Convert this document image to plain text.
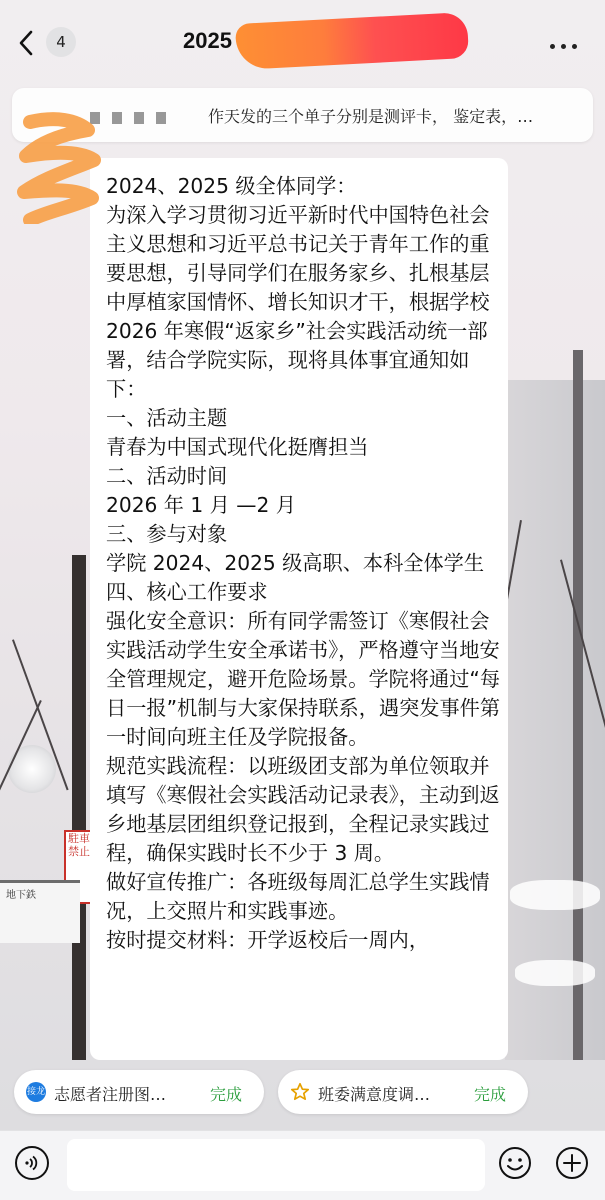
駐車禁止
地下鉄
4	2025
作天发的三个单子分别是测评卡， 鉴定表，…

2024、2025 级全体同学：

为深入学习贯彻习近平新时代中国特色社会主义思想和习近平总书记关于青年工作的重要思想，引导同学们在服务家乡、扎根基层中厚植家国情怀、增长知识才干，根据学校 2026 年寒假“返家乡”社会实践活动统一部署，结合学院实际，现将具体事宜通知如下：

一、活动主题

青春为中国式现代化挺膺担当

二、活动时间

2026 年 1 月 —2 月

三、参与对象

学院 2024、2025 级高职、本科全体学生

四、核心工作要求

强化安全意识：所有同学需签订《寒假社会实践活动学生安全承诺书》，严格遵守当地安全管理规定，避开危险场景。学院将通过“每日一报”机制与大家保持联系，遇突发事件第一时间向班主任及学院报备。

规范实践流程：以班级团支部为单位领取并填写《寒假社会实践活动记录表》，主动到返乡地基层团组织登记报到，全程记录实践过程，确保实践时长不少于 3 周。

做好宣传推广：各班级每周汇总学生实践情况，上交照片和实践事迹。

按时提交材料：开学返校后一周内，

接龙 志愿者注册图…	完成	班委满意度调…	完成
